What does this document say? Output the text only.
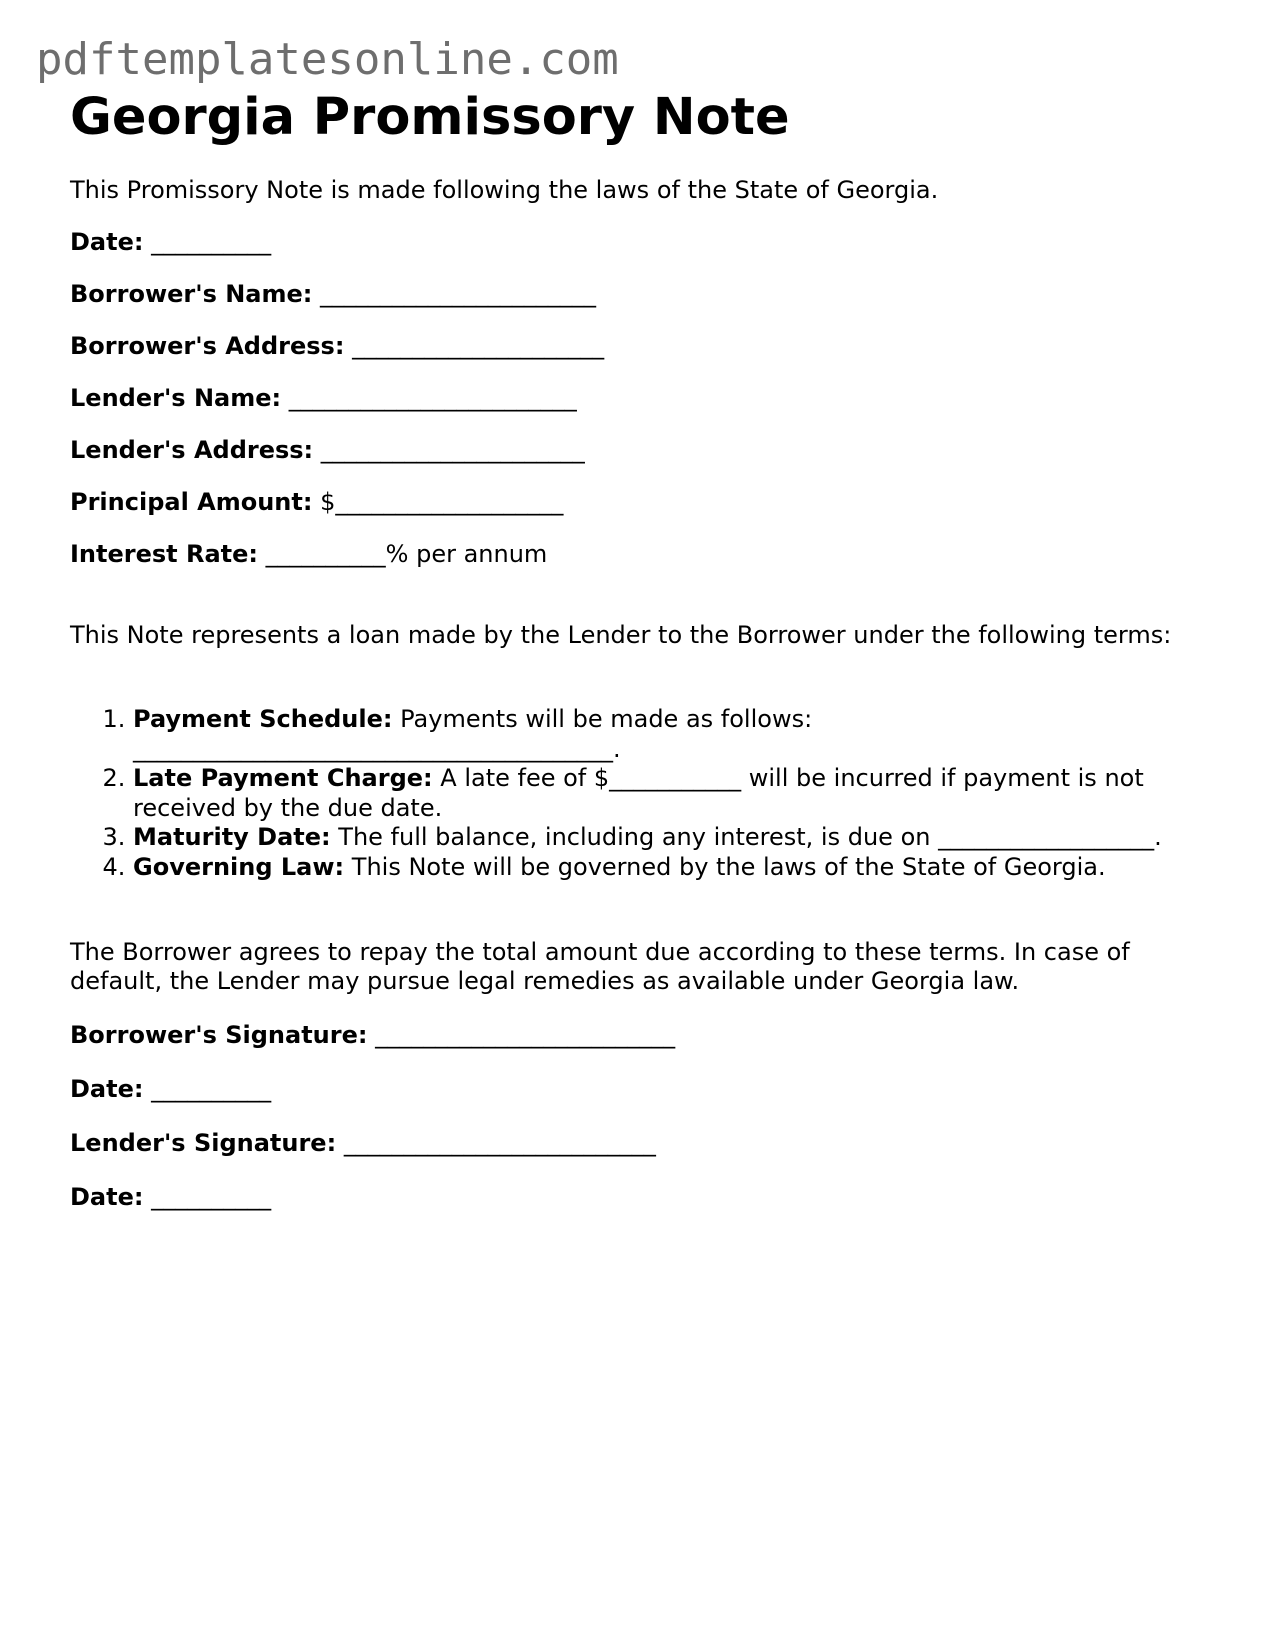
pdftemplatesonline.com
Georgia Promissory Note
This Promissory Note is made following the laws of the State of Georgia.
Date: __________
Borrower's Name: _______________________
Borrower's Address: _____________________
Lender's Name: ________________________
Lender's Address: ______________________
Principal Amount: $___________________
Interest Rate: __________% per annum
This Note represents a loan made by the Lender to the Borrower under the following terms:
1. Payment Schedule: Payments will be made as follows: ________________________________________.
2. Late Payment Charge: A late fee of $___________ will be incurred if payment is not received by the due date.
3. Maturity Date: The full balance, including any interest, is due on __________________.
4. Governing Law: This Note will be governed by the laws of the State of Georgia.
The Borrower agrees to repay the total amount due according to these terms. In case of default, the Lender may pursue legal remedies as available under Georgia law.
Borrower's Signature: _________________________
Date: __________
Lender's Signature: __________________________
Date: __________
